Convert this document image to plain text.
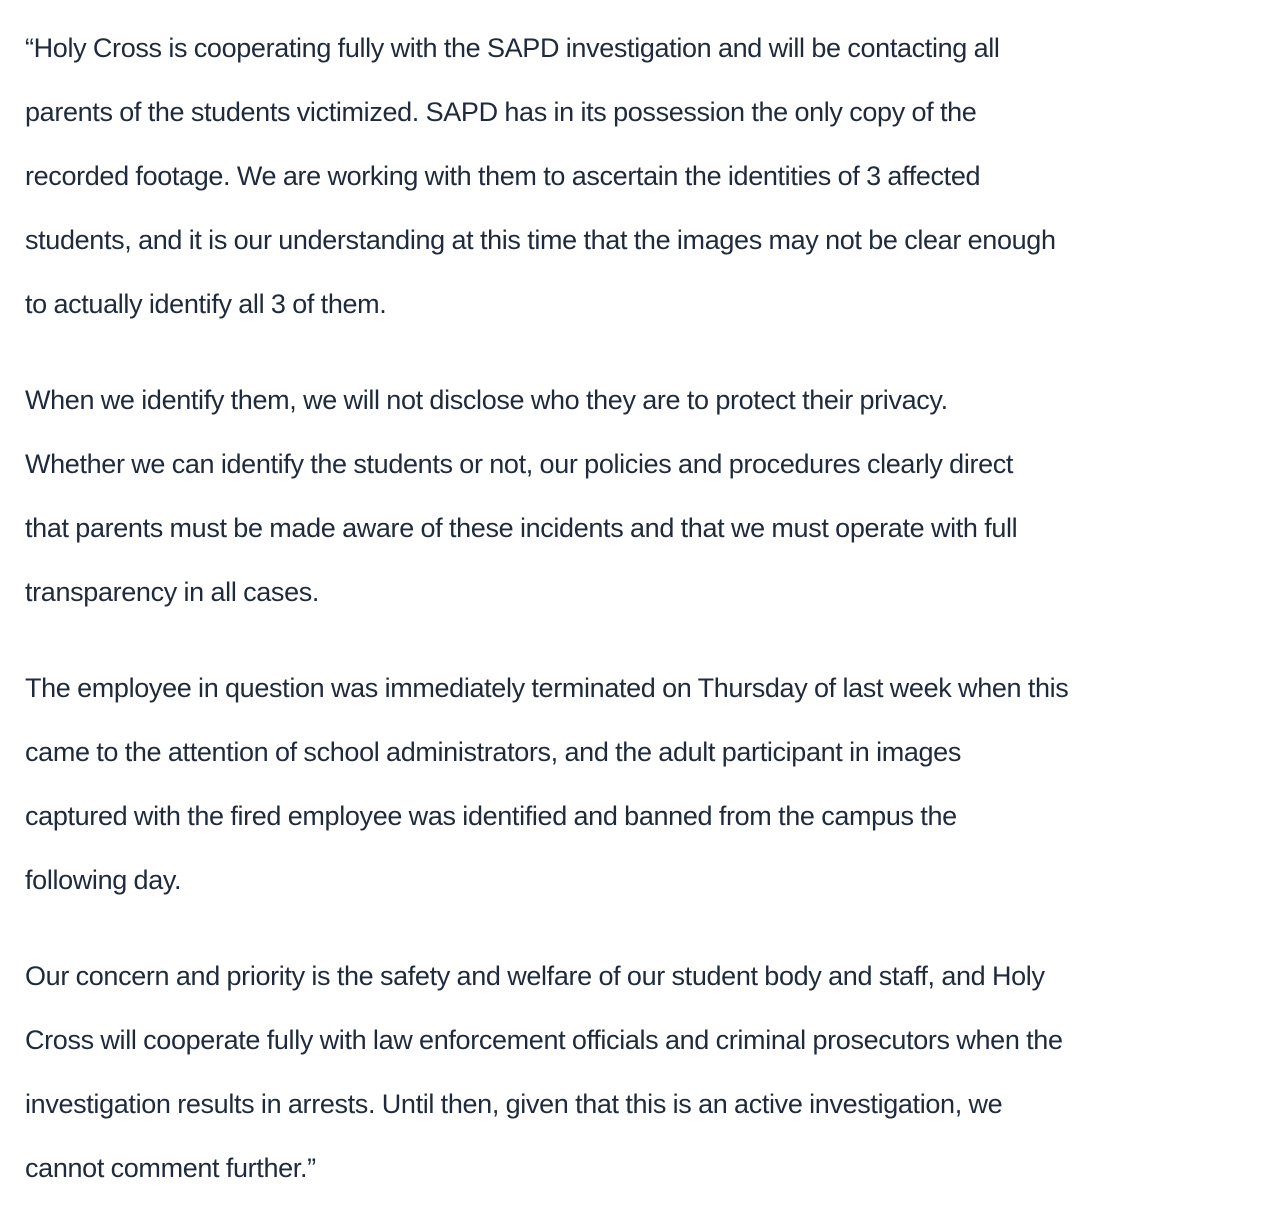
“Holy Cross is cooperating fully with the SAPD investigation and will be contacting all
parents of the students victimized. SAPD has in its possession the only copy of the
recorded footage. We are working with them to ascertain the identities of 3 affected
students, and it is our understanding at this time that the images may not be clear enough
to actually identify all 3 of them.

When we identify them, we will not disclose who they are to protect their privacy.
Whether we can identify the students or not, our policies and procedures clearly direct
that parents must be made aware of these incidents and that we must operate with full
transparency in all cases.

The employee in question was immediately terminated on Thursday of last week when this
came to the attention of school administrators, and the adult participant in images
captured with the fired employee was identified and banned from the campus the
following day.

Our concern and priority is the safety and welfare of our student body and staff, and Holy
Cross will cooperate fully with law enforcement officials and criminal prosecutors when the
investigation results in arrests. Until then, given that this is an active investigation, we
cannot comment further.”
